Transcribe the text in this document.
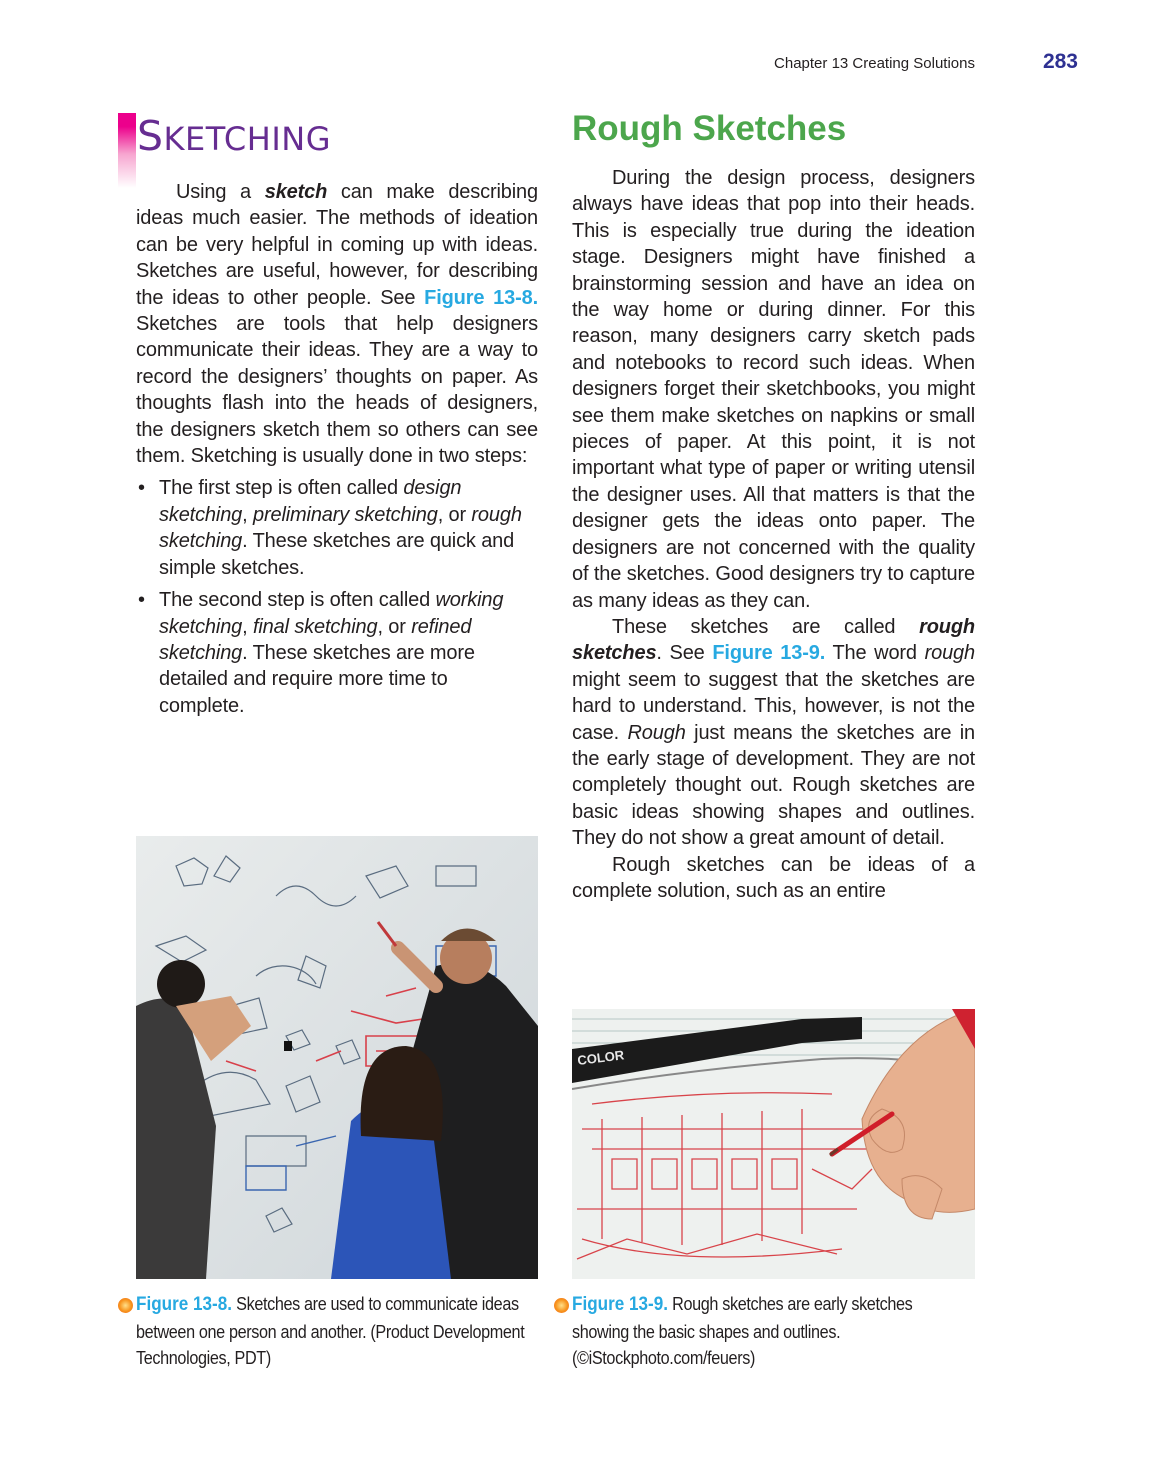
Chapter 13 Creating Solutions	283
SKETCHING

Using a sketch can make describing ideas much easier. The methods of ideation can be very helpful in coming up with ideas. Sketches are useful, however, for describing the ideas to other people. See Figure 13-8. Sketches are tools that help designers communicate their ideas. They are a way to record the designers’ thoughts on paper. As thoughts flash into the heads of designers, the designers sketch them so others can see them. Sketching is usually done in two steps:

• The first step is often called design sketching, preliminary sketching, or rough sketching. These sketches are quick and simple sketches.
• The second step is often called working sketching, final sketching, or refined sketching. These sketches are more detailed and require more time to complete.
Rough Sketches

During the design process, designers always have ideas that pop into their heads. This is especially true during the ideation stage. Designers might have finished a brainstorming session and have an idea on the way home or during dinner. For this reason, many designers carry sketch pads and notebooks to record such ideas. When designers forget their sketchbooks, you might see them make sketches on napkins or small pieces of paper. At this point, it is not important what type of paper or writing utensil the designer uses. All that matters is that the designer gets the ideas onto paper. The designers are not concerned with the quality of the sketches. Good designers try to capture as many ideas as they can.

These sketches are called rough sketches. See Figure 13-9. The word rough might seem to suggest that the sketches are hard to understand. This, however, is not the case. Rough just means the sketches are in the early stage of development. They are not completely thought out. Rough sketches are basic ideas showing shapes and outlines. They do not show a great amount of detail.

Rough sketches can be ideas of a complete solution, such as an entire

COLOR
Figure 13-8. Sketches are used to communicate ideas between one person and another. (Product Development Technologies, PDT)
Figure 13-9. Rough sketches are early sketches showing the basic shapes and outlines. (©iStockphoto.com/feuers)
